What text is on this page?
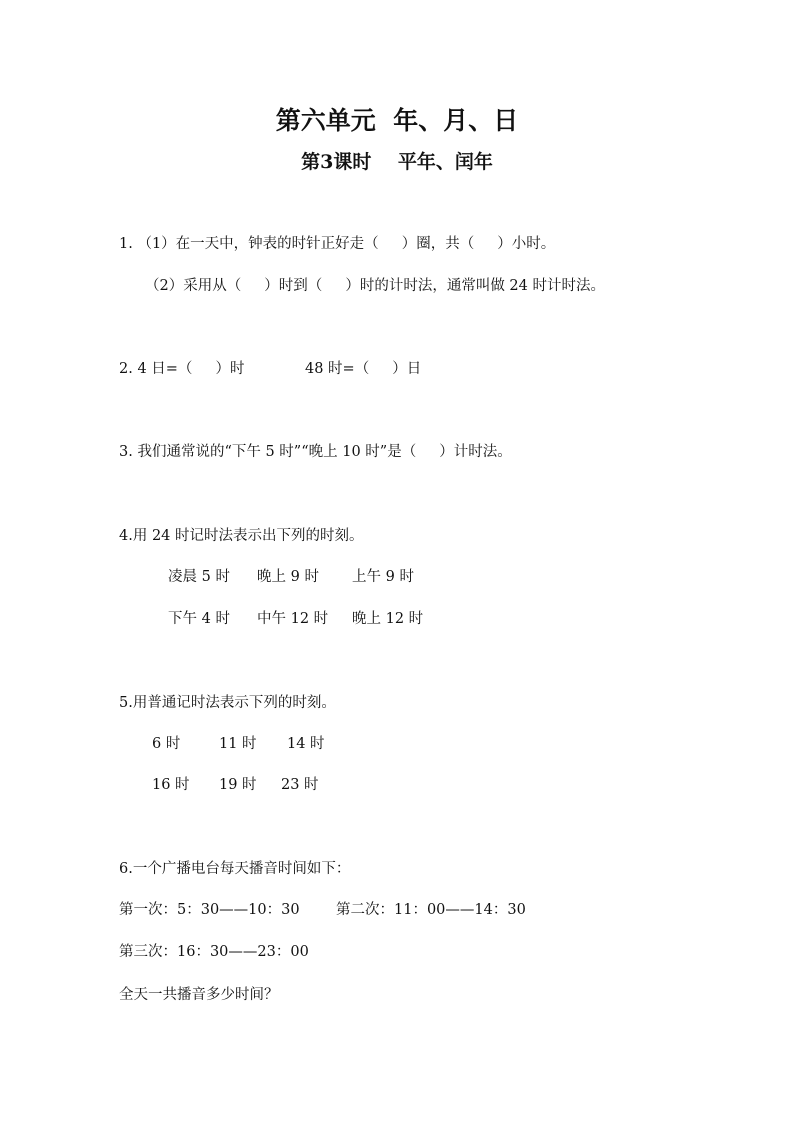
第六单元  年、月、日
第3课时    平年、闰年
1. （1）在一天中，钟表的时针正好走（     ）圈，共（     ）小时。
（2）采用从（     ）时到（     ）时的计时法，通常叫做 24 时计时法。
2. 4 日=（     ）时	48 时=（     ）日
3. 我们通常说的“下午 5 时”“晚上 10 时”是（     ）计时法。
4.用 24 时记时法表示出下列的时刻。
凌晨 5 时 晚上 9 时 上午 9 时
下午 4 时 中午 12 时 晚上 12 时
5.用普通记时法表示下列的时刻。
6 时	11 时 14 时
16 时 19 时 23 时
6.一个广播电台每天播音时间如下：
第一次：5：30——10：30	第二次：11：00——14：30
第三次：16：30——23：00
全天一共播音多少时间？
